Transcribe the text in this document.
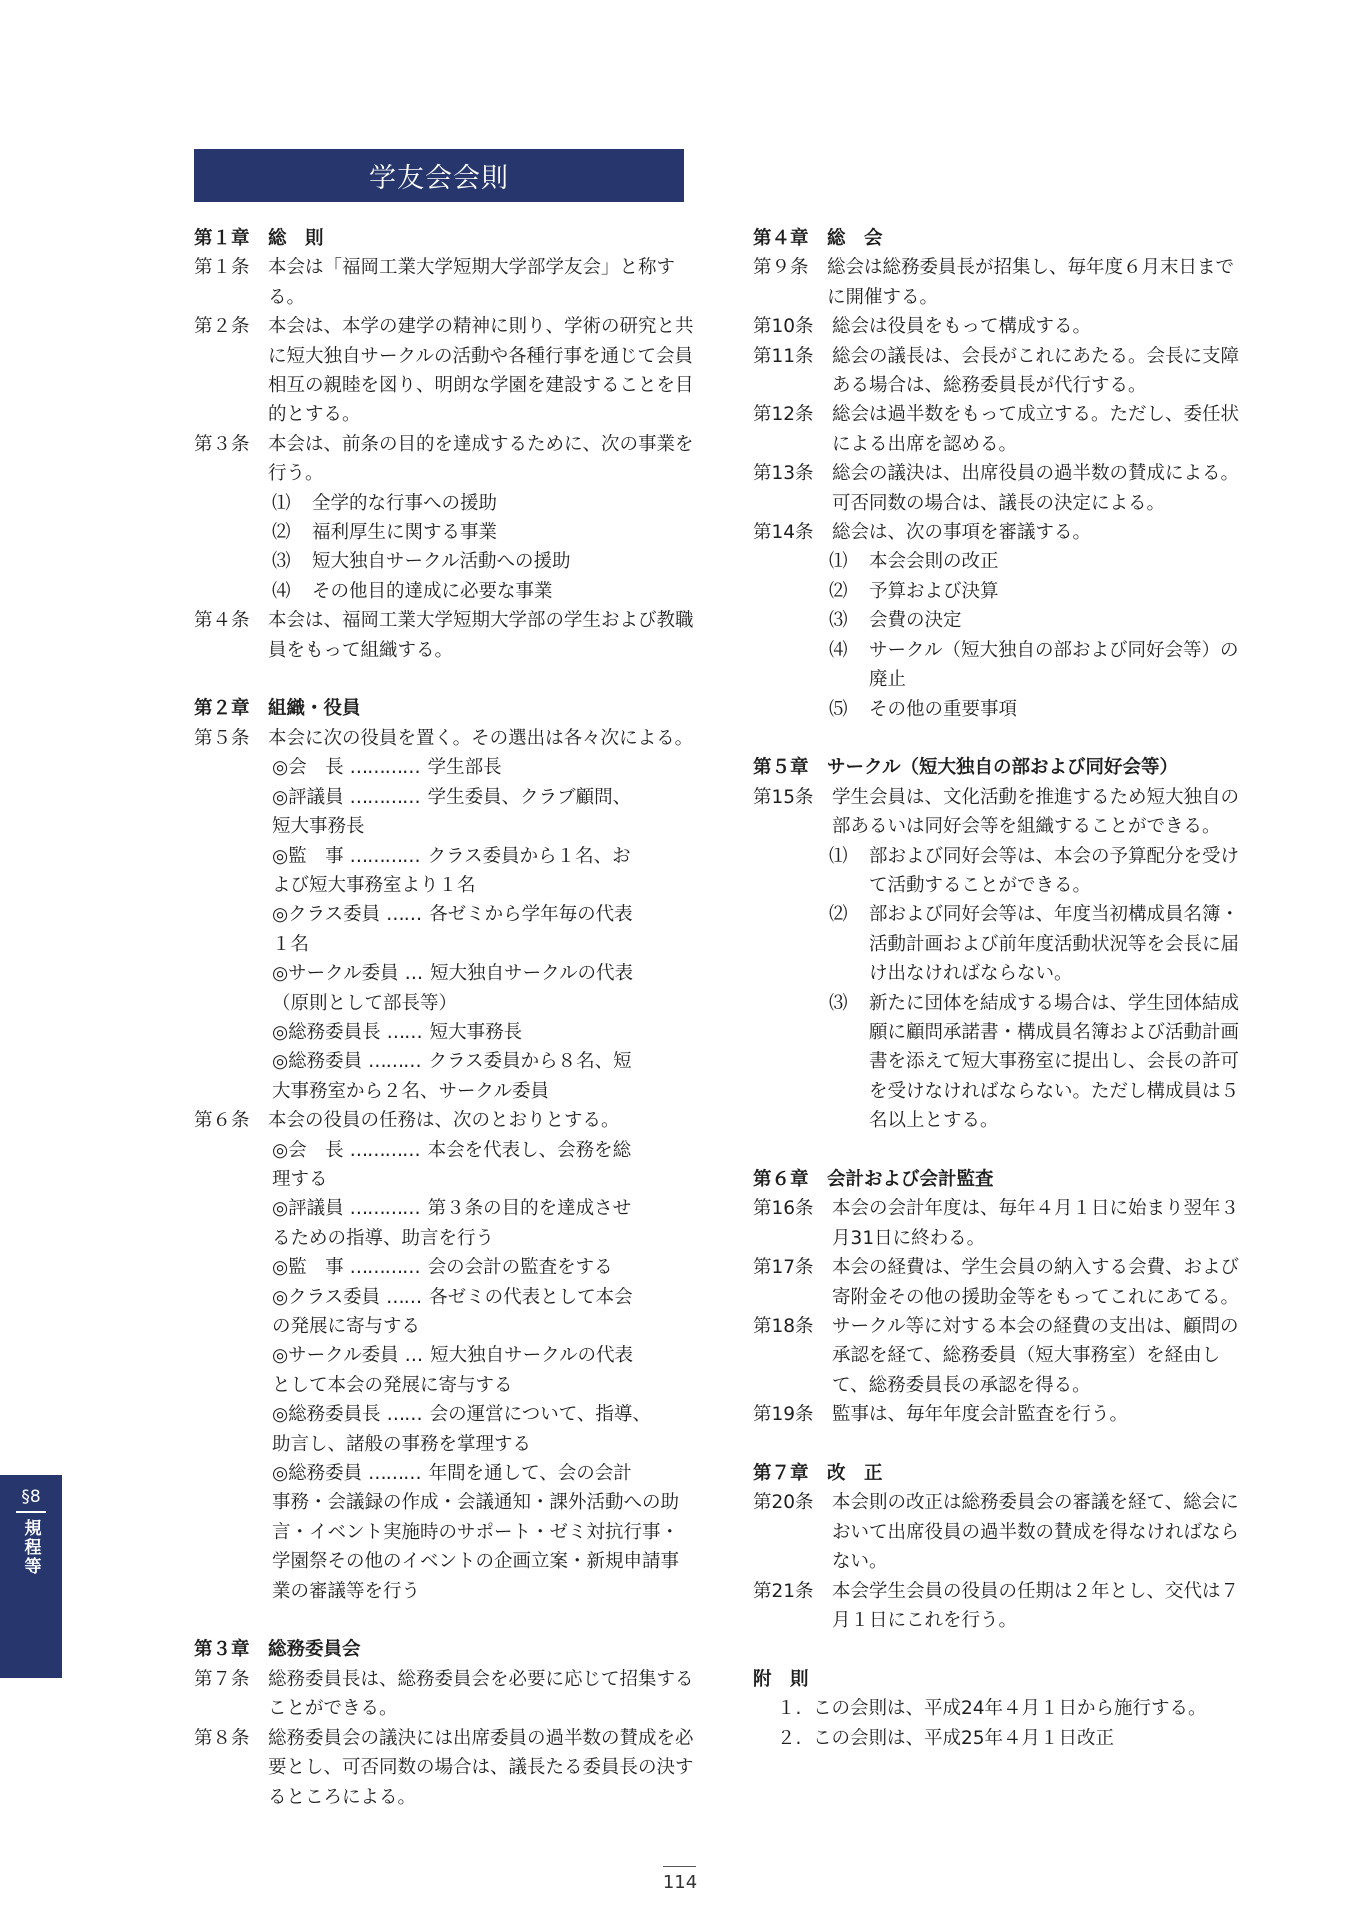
学友会会則
第１章　総　則
第１条　 本会は「福岡工業大学短期大学部学友会」と称する。
第２条　 本会は、本学の建学の精神に則り、学術の研究と共に短大独自サークルの活動や各種行事を通じて会員相互の親睦を図り、明朗な学園を建設することを目的とする。
第３条　 本会は、前条の目的を達成するために、次の事業を行う。
⑴	全学的な行事への援助
⑵	福利厚生に関する事業
⑶	短大独自サークル活動への援助
⑷	その他目的達成に必要な事業
第４条　 本会は、福岡工業大学短期大学部の学生および教職員をもって組織する。
第２章　組織・役員
第５条　 本会に次の役員を置く。その選出は各々次による。
◎会　長 ………… 学生部長
◎評議員 ………… 学生委員、クラブ顧問、
短大事務長
◎監　事 ………… クラス委員から１名、お
よび短大事務室より１名
◎クラス委員 …… 各ゼミから学年毎の代表
１名
◎サークル委員 … 短大独自サークルの代表
（原則として部長等）
◎総務委員長 …… 短大事務長
◎総務委員 ……… クラス委員から８名、短
大事務室から２名、サークル委員
第６条　 本会の役員の任務は、次のとおりとする。
◎会　長 ………… 本会を代表し、会務を総
理する
◎評議員 ………… 第３条の目的を達成させ
るための指導、助言を行う
◎監　事 ………… 会の会計の監査をする
◎クラス委員 …… 各ゼミの代表として本会
の発展に寄与する
◎サークル委員 … 短大独自サークルの代表
として本会の発展に寄与する
◎総務委員長 …… 会の運営について、指導、
助言し、諸般の事務を掌理する
◎総務委員 ……… 年間を通して、会の会計
事務・会議録の作成・会議通知・課外活動への助言・イベント実施時のサポート・ゼミ対抗行事・学園祭その他のイベントの企画立案・新規申請事業の審議等を行う
第３章　総務委員会
第７条　 総務委員長は、総務委員会を必要に応じて招集することができる。
第８条　 総務委員会の議決には出席委員の過半数の賛成を必要とし、可否同数の場合は、議長たる委員長の決するところによる。
第４章　総　会
第９条　 総会は総務委員長が招集し、毎年度６月末日までに開催する。
第10条　 総会は役員をもって構成する。
第11条　 総会の議長は、会長がこれにあたる。会長に支障ある場合は、総務委員長が代行する。
第12条　 総会は過半数をもって成立する。ただし、委任状による出席を認める。
第13条　 総会の議決は、出席役員の過半数の賛成による。可否同数の場合は、議長の決定による。
第14条　 総会は、次の事項を審議する。
⑴	本会会則の改正
⑵	予算および決算
⑶	会費の決定
⑷	サークル（短大独自の部および同好会等）の廃止
⑸	その他の重要事項
第５章　サークル（短大独自の部および同好会等）
第15条　 学生会員は、文化活動を推進するため短大独自の部あるいは同好会等を組織することができる。
⑴	部および同好会等は、本会の予算配分を受けて活動することができる。
⑵	部および同好会等は、年度当初構成員名簿・活動計画および前年度活動状況等を会長に届け出なければならない。
⑶	新たに団体を結成する場合は、学生団体結成願に顧問承諾書・構成員名簿および活動計画書を添えて短大事務室に提出し、会長の許可を受けなければならない。ただし構成員は５名以上とする。
第６章　会計および会計監査
第16条　 本会の会計年度は、毎年４月１日に始まり翌年３月31日に終わる。
第17条　 本会の経費は、学生会員の納入する会費、および寄附金その他の援助金等をもってこれにあてる。
第18条　 サークル等に対する本会の経費の支出は、顧問の承認を経て、総務委員（短大事務室）を経由して、総務委員長の承認を得る。
第19条　 監事は、毎年年度会計監査を行う。
第７章　改　正
第20条　 本会則の改正は総務委員会の審議を経て、総会において出席役員の過半数の賛成を得なければならない。
第21条　 本会学生会員の役員の任期は２年とし、交代は７月１日にこれを行う。
附　則
１. この会則は、平成24年４月１日から施行する。
２. この会則は、平成25年４月１日改正
§8
規程等
114
